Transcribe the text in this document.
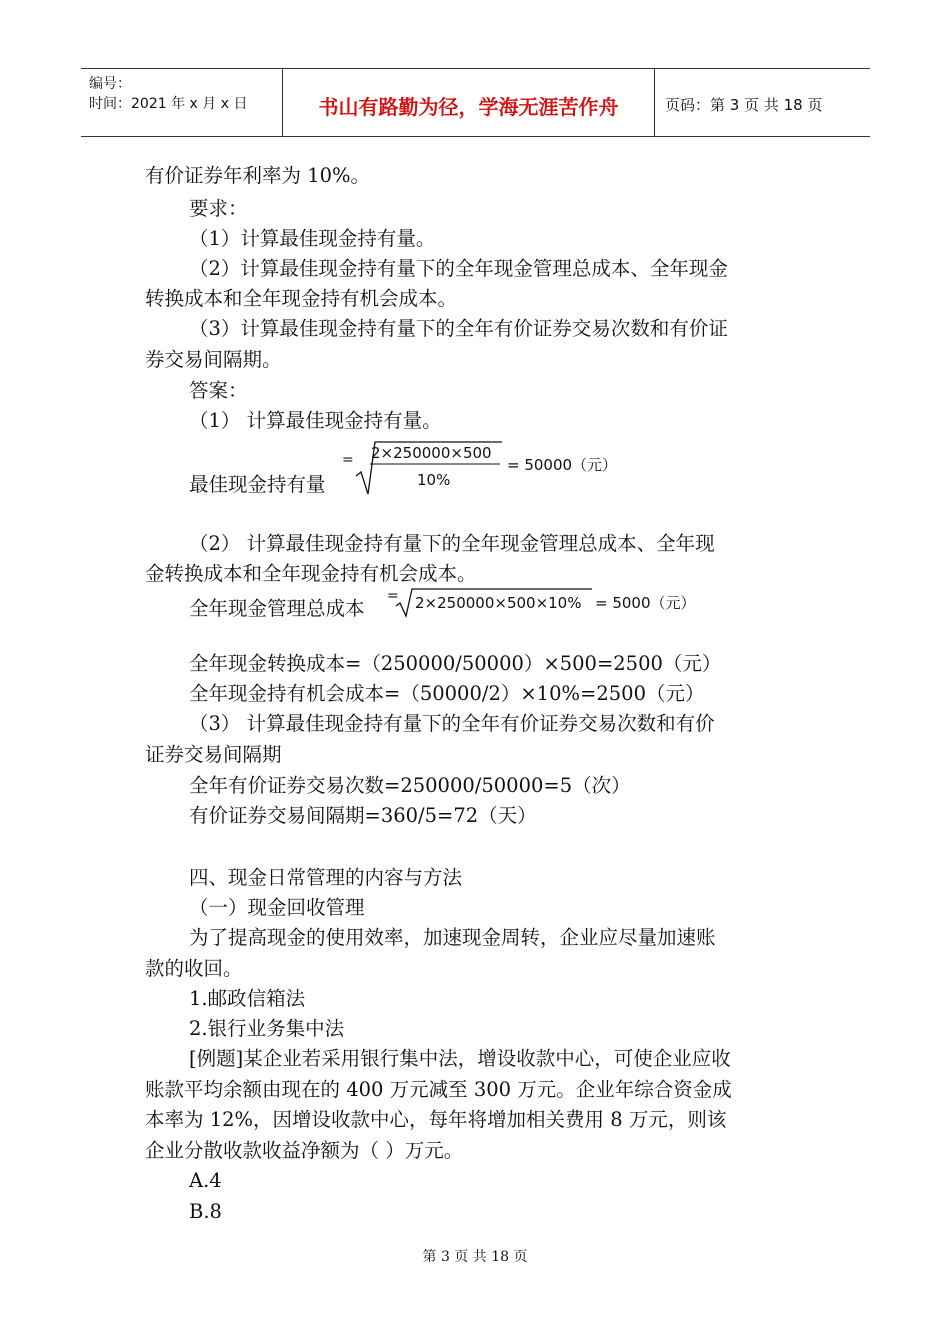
编号：
时间：2021 年 x 月 x 日	书山有路勤为径，学海无涯苦作舟	页码：第 3 页 共 18 页
有价证券年利率为 10%。
要求：
（1）计算最佳现金持有量。
（2）计算最佳现金持有量下的全年现金管理总成本、全年现金
转换成本和全年现金持有机会成本。
（3）计算最佳现金持有量下的全年有价证券交易次数和有价证
券交易间隔期。
答案：
（1） 计算最佳现金持有量。
最佳现金持有量
= 2×250000×500
10%
= 50000（元）
（2） 计算最佳现金持有量下的全年现金管理总成本、全年现
金转换成本和全年现金持有机会成本。
全年现金管理总成本
= 2×250000×500×10% = 5000（元）
全年现金转换成本=（250000/50000）×500=2500（元）
全年现金持有机会成本=（50000/2）×10%=2500（元）
（3） 计算最佳现金持有量下的全年有价证券交易次数和有价
证券交易间隔期
全年有价证券交易次数=250000/50000=5（次）
有价证券交易间隔期=360/5=72（天）
四、现金日常管理的内容与方法
（一）现金回收管理
为了提高现金的使用效率，加速现金周转，企业应尽量加速账
款的收回。
1.邮政信箱法
2.银行业务集中法
[例题]某企业若采用银行集中法，增设收款中心，可使企业应收
账款平均余额由现在的 400 万元减至 300 万元。企业年综合资金成
本率为 12%，因增设收款中心，每年将增加相关费用 8 万元，则该
企业分散收款收益净额为（ ）万元。
A.4
B.8
第 3 页 共 18 页
